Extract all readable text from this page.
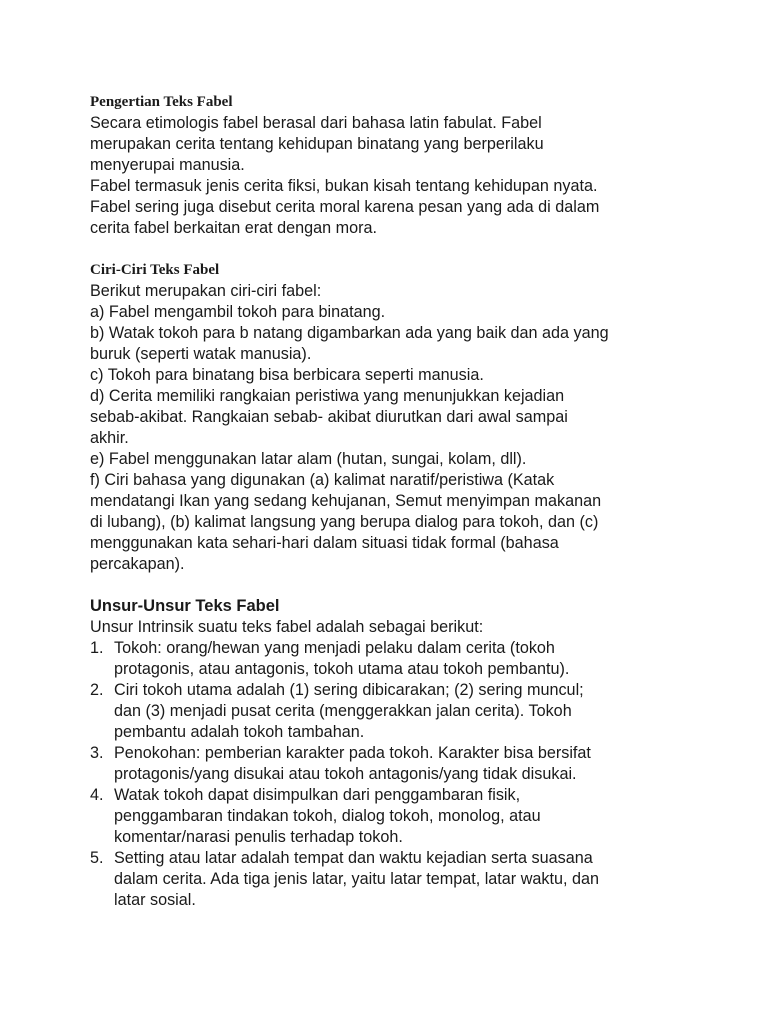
Pengertian Teks Fabel
Secara etimologis fabel berasal dari bahasa latin fabulat. Fabel
merupakan cerita tentang kehidupan binatang yang berperilaku
menyerupai manusia.
Fabel termasuk jenis cerita fiksi, bukan kisah tentang kehidupan nyata.
Fabel sering juga disebut cerita moral karena pesan yang ada di dalam
cerita fabel berkaitan erat dengan mora.
Ciri-Ciri Teks Fabel
Berikut merupakan ciri-ciri fabel:
a) Fabel mengambil tokoh para binatang.
b) Watak tokoh para b natang digambarkan ada yang baik dan ada yang
buruk (seperti watak manusia).
c) Tokoh para binatang bisa berbicara seperti manusia.
d) Cerita memiliki rangkaian peristiwa yang menunjukkan kejadian
sebab-akibat. Rangkaian sebab- akibat diurutkan dari awal sampai
akhir.
e) Fabel menggunakan latar alam (hutan, sungai, kolam, dll).
f) Ciri bahasa yang digunakan (a) kalimat naratif/peristiwa (Katak
mendatangi Ikan yang sedang kehujanan, Semut menyimpan makanan
di lubang), (b) kalimat langsung yang berupa dialog para tokoh, dan (c)
menggunakan kata sehari-hari dalam situasi tidak formal (bahasa
percakapan).
Unsur-Unsur Teks Fabel
Unsur Intrinsik suatu teks fabel adalah sebagai berikut:
1. Tokoh: orang/hewan yang menjadi pelaku dalam cerita (tokoh
protagonis, atau antagonis, tokoh utama atau tokoh pembantu).
2. Ciri tokoh utama adalah (1) sering dibicarakan; (2) sering muncul;
dan (3) menjadi pusat cerita (menggerakkan jalan cerita). Tokoh
pembantu adalah tokoh tambahan.
3. Penokohan: pemberian karakter pada tokoh. Karakter bisa bersifat
protagonis/yang disukai atau tokoh antagonis/yang tidak disukai.
4. Watak tokoh dapat disimpulkan dari penggambaran fisik,
penggambaran tindakan tokoh, dialog tokoh, monolog, atau
komentar/narasi penulis terhadap tokoh.
5. Setting atau latar adalah tempat dan waktu kejadian serta suasana
dalam cerita. Ada tiga jenis latar, yaitu latar tempat, latar waktu, dan
latar sosial.
